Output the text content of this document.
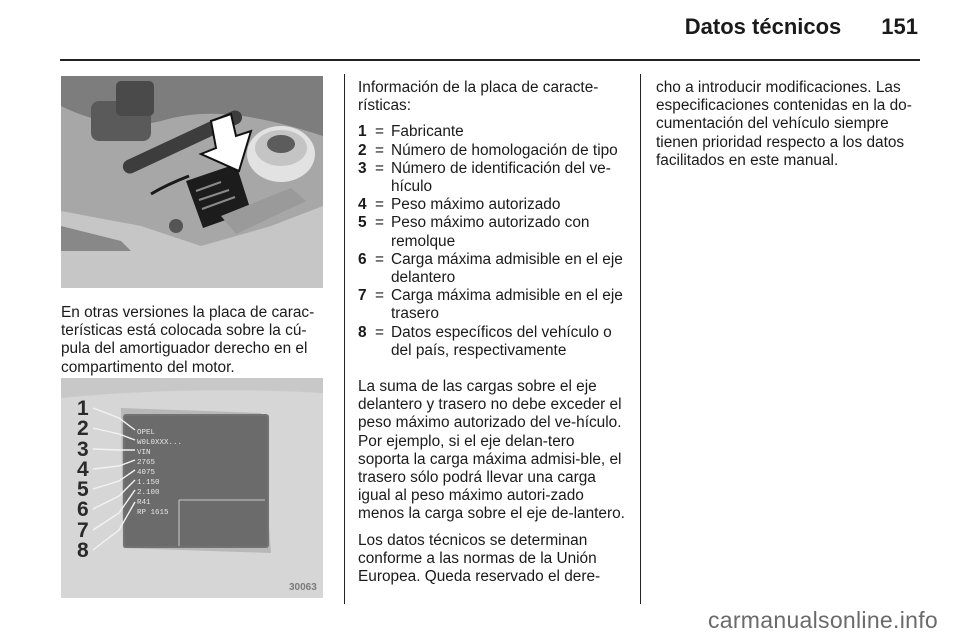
Datos técnicos 151

En otras versiones la placa de carac-terísticas está colocada sobre la cú-pula del amortiguador derecho en el compartimento del motor.

1
2
3
4
5
6
7
8
OPEL
W0L0XXX...
VIN
2765
4075
1.150
2.100
R41
RP 1615
30063

Información de la placa de caracte-rísticas:

1 = Fabricante
2 = Número de homologación de tipo
3 = Número de identificación del ve-hículo
4 = Peso máximo autorizado
5 = Peso máximo autorizado con remolque
6 = Carga máxima admisible en el eje delantero
7 = Carga máxima admisible en el eje trasero
8 = Datos específicos del vehículo o del país, respectivamente

La suma de las cargas sobre el eje delantero y trasero no debe exceder el peso máximo autorizado del ve-hículo. Por ejemplo, si el eje delan-tero soporta la carga máxima admisi-ble, el trasero sólo podrá llevar una carga igual al peso máximo autori-zado menos la carga sobre el eje de-lantero.

Los datos técnicos se determinan conforme a las normas de la Unión Europea. Queda reservado el dere-

cho a introducir modificaciones. Las especificaciones contenidas en la do-cumentación del vehículo siempre tienen prioridad respecto a los datos facilitados en este manual.

carmanualsonline.info
